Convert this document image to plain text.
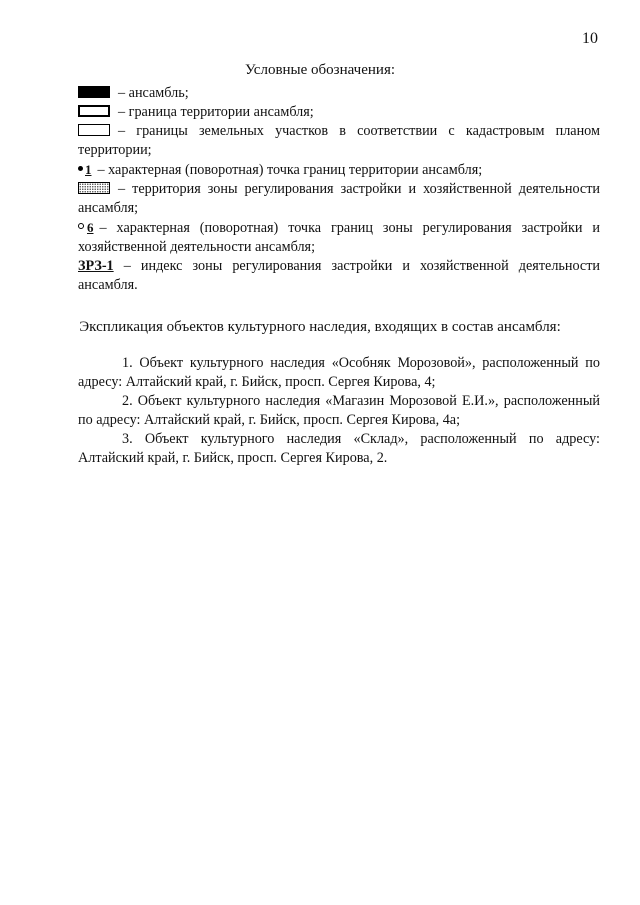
10
Условные обозначения:

– ансамбль;

– граница территории ансамбля;

– границы земельных участков в соответствии с кадастровым планом территории;

1 – характерная (поворотная) точка границ территории ансамбля;

– территория зоны регулирования застройки и хозяйственной деятельности ансамбля;

6 – характерная (поворотная) точка границ зоны регулирования застройки и хозяйственной деятельности ансамбля;

ЗРЗ-1 – индекс зоны регулирования застройки и хозяйственной деятельности ансамбля.

Экспликация объектов культурного наследия, входящих в состав ансамбля:

1. Объект культурного наследия «Особняк Морозовой», расположенный по адресу: Алтайский край, г. Бийск, просп. Сергея Кирова, 4;

2. Объект культурного наследия «Магазин Морозовой Е.И.», расположенный по адресу: Алтайский край, г. Бийск, просп. Сергея Кирова, 4а;

3. Объект культурного наследия «Склад», расположенный по адресу: Алтайский край, г. Бийск, просп. Сергея Кирова, 2.
